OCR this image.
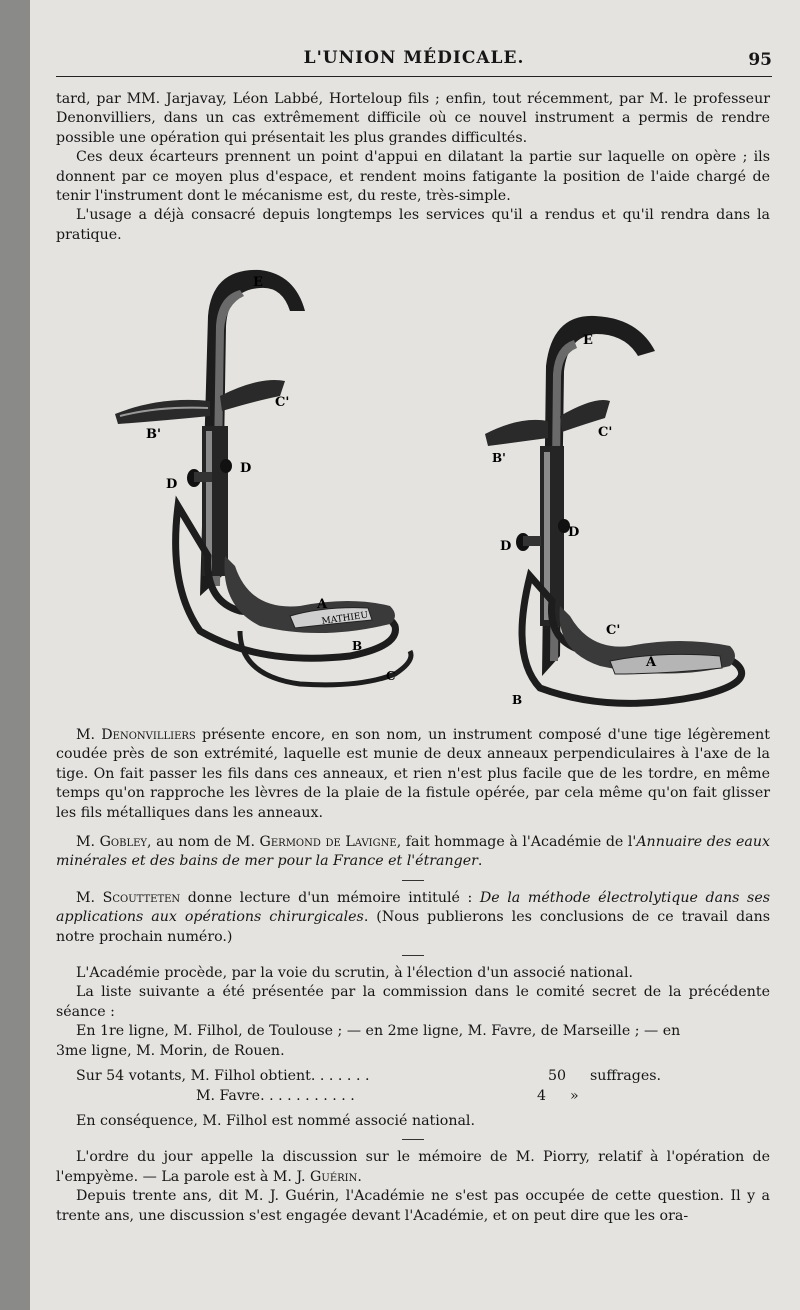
L'UNION MÉDICALE.	95

tard, par MM. Jarjavay, Léon Labbé, Horteloup fils ; enfin, tout récemment, par M. le professeur Denonvilliers, dans un cas extrêmement difficile où ce nouvel instrument a permis de rendre possible une opération qui présentait les plus grandes difficultés.

Ces deux écarteurs prennent un point d'appui en dilatant la partie sur laquelle on opère ; ils donnent par ce moyen plus d'espace, et rendent moins fatigante la position de l'aide chargé de tenir l'instrument dont le mécanisme est, du reste, très-simple.

L'usage a déjà consacré depuis longtemps les services qu'il a rendus et qu'il rendra dans la pratique.

E
C'
B'
D
D
A
B
C
MATHIEU
E
C'
B'
D
D
C'
A
B

M. Denonvilliers présente encore, en son nom, un instrument composé d'une tige légèrement coudée près de son extrémité, laquelle est munie de deux anneaux perpendiculaires à l'axe de la tige. On fait passer les fils dans ces anneaux, et rien n'est plus facile que de les tordre, en même temps qu'on rapproche les lèvres de la plaie de la fistule opérée, par cela même qu'on fait glisser les fils métalliques dans les anneaux.

M. Gobley, au nom de M. Germond de Lavigne, fait hommage à l'Académie de l'Annuaire des eaux minérales et des bains de mer pour la France et l'étranger.

M. Scoutteten donne lecture d'un mémoire intitulé : De la méthode électrolytique dans ses applications aux opérations chirurgicales. (Nous publierons les conclusions de ce travail dans notre prochain numéro.)

L'Académie procède, par la voie du scrutin, à l'élection d'un associé national.

La liste suivante a été présentée par la commission dans le comité secret de la précédente séance :

En 1re ligne, M. Filhol, de Toulouse ; — en 2me ligne, M. Favre, de Marseille ; — en

3me ligne, M. Morin, de Rouen.

Sur 54 votants, M. Filhol obtient. . . . . . .	50	suffrages.
M. Favre. . . . . . . . . . .	4	»

En conséquence, M. Filhol est nommé associé national.

L'ordre du jour appelle la discussion sur le mémoire de M. Piorry, relatif à l'opération de l'empyème. — La parole est à M. J. Guérin.

Depuis trente ans, dit M. J. Guérin, l'Académie ne s'est pas occupée de cette question. Il y a trente ans, une discussion s'est engagée devant l'Académie, et on peut dire que les ora-
